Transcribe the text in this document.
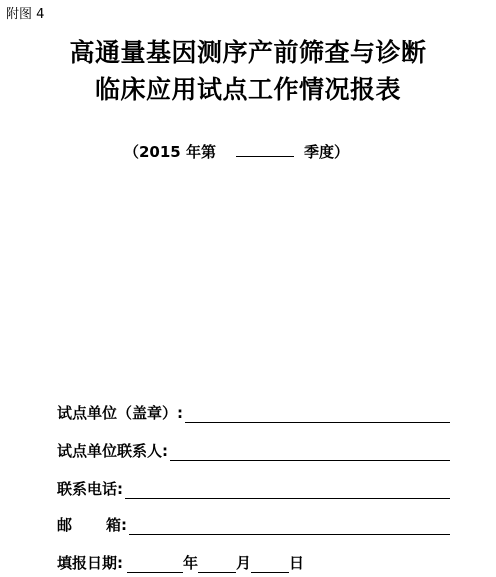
附图 4
高通量基因测序产前筛查与诊断
临床应用试点工作情况报表
（2015 年第	季度）
试点单位（盖章）:
试点单位联系人:
联系电话:
邮 箱:
填报日期:	年	月	日
